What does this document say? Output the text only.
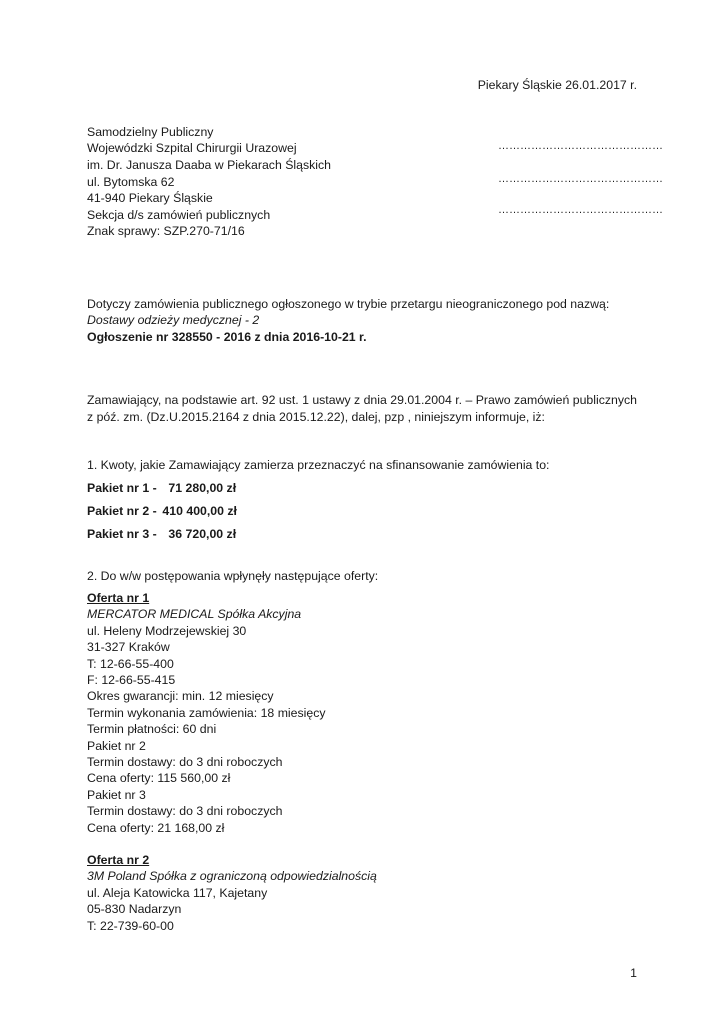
Piekary Śląskie 26.01.2017 r.
Samodzielny Publiczny
Wojewódzki Szpital Chirurgii Urazowej
im. Dr. Janusza Daaba w Piekarach Śląskich
ul. Bytomska 62
41-940 Piekary Śląskie
Sekcja d/s zamówień publicznych
Znak sprawy: SZP.270-71/16
………………………………………
………………………………………
………………………………………
Dotyczy zamówienia publicznego ogłoszonego w trybie przetargu nieograniczonego pod nazwą:
Dostawy odzieży medycznej - 2
Ogłoszenie nr 328550 - 2016 z dnia 2016-10-21 r.
Zamawiający, na podstawie art. 92 ust. 1 ustawy z dnia 29.01.2004 r. – Prawo zamówień publicznych
z póź. zm. (Dz.U.2015.2164 z dnia 2015.12.22), dalej, pzp , niniejszym informuje, iż:
1. Kwoty, jakie Zamawiający zamierza przeznaczyć na sfinansowanie zamówienia to:
Pakiet nr 1 - 71 280,00 zł
Pakiet nr 2 - 410 400,00 zł
Pakiet nr 3 - 36 720,00 zł
2. Do w/w postępowania wpłynęły następujące oferty:
Oferta nr 1
MERCATOR MEDICAL Spółka Akcyjna
ul. Heleny Modrzejewskiej 30
31-327 Kraków
T: 12-66-55-400
F: 12-66-55-415
Okres gwarancji: min. 12 miesięcy
Termin wykonania zamówienia: 18 miesięcy
Termin płatności: 60 dni
Pakiet nr 2
Termin dostawy: do 3 dni roboczych
Cena oferty: 115 560,00 zł
Pakiet nr 3
Termin dostawy: do 3 dni roboczych
Cena oferty: 21 168,00 zł
Oferta nr 2
3M Poland Spółka z ograniczoną odpowiedzialnością
ul. Aleja Katowicka 117, Kajetany
05-830 Nadarzyn
T: 22-739-60-00
1
